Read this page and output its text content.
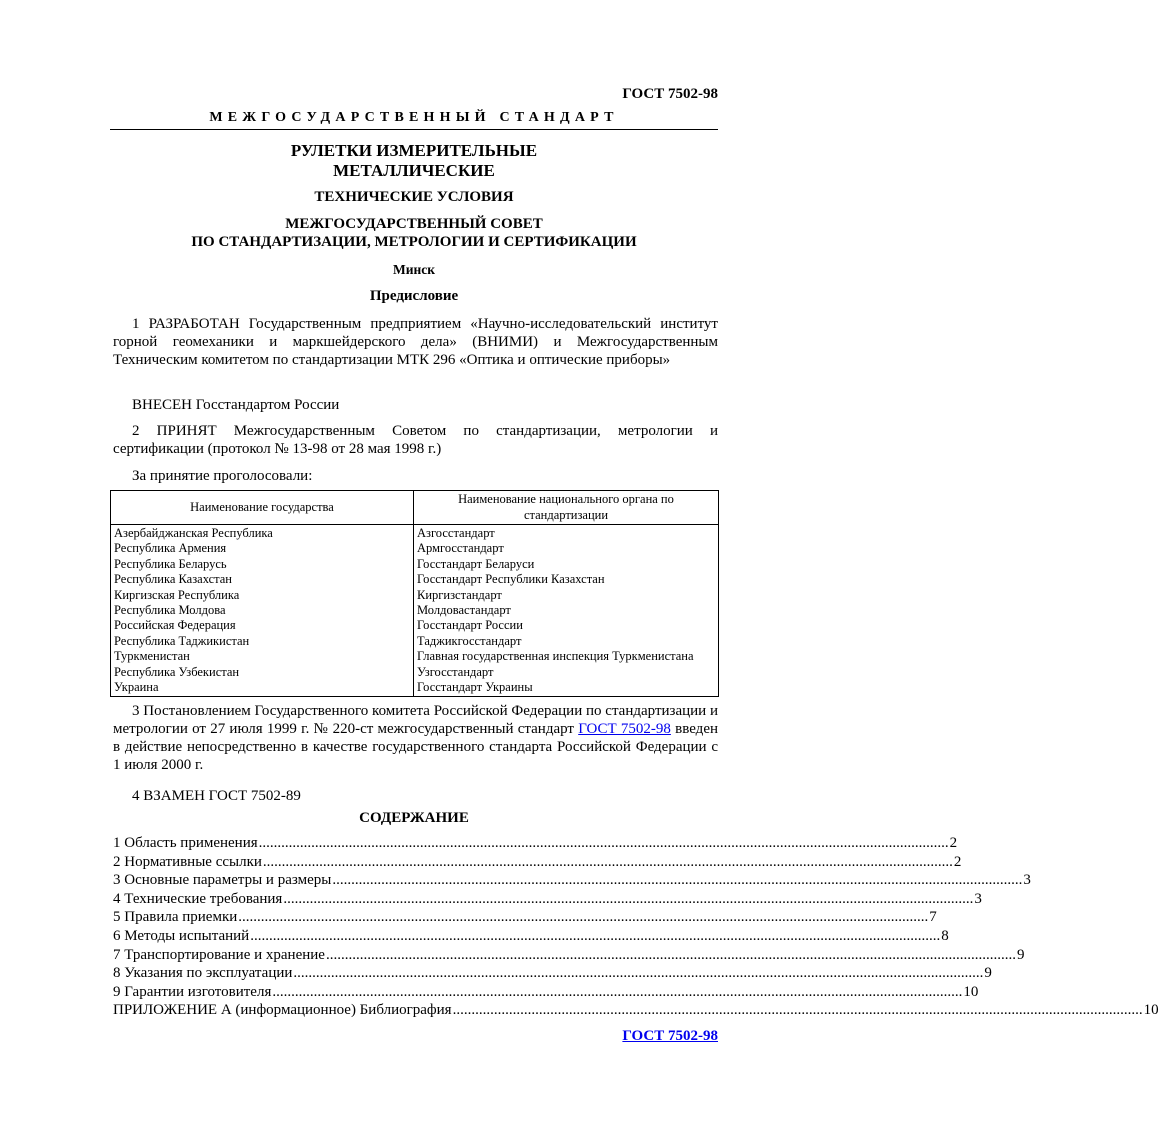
ГОСТ 7502-98
МЕЖГОСУДАРСТВЕННЫЙ СТАНДАРТ
РУЛЕТКИ ИЗМЕРИТЕЛЬНЫЕ
МЕТАЛЛИЧЕСКИЕ
ТЕХНИЧЕСКИЕ УСЛОВИЯ
МЕЖГОСУДАРСТВЕННЫЙ СОВЕТ
ПО СТАНДАРТИЗАЦИИ, МЕТРОЛОГИИ И СЕРТИФИКАЦИИ
Минск
Предисловие
1 РАЗРАБОТАН Государственным предприятием «Научно-исследовательский институт горной геомеханики и маркшейдерского дела» (ВНИМИ) и Межгосударственным Техническим комитетом по стандартизации МТК 296 «Оптика и оптические приборы»
ВНЕСЕН Госстандартом России
2 ПРИНЯТ Межгосударственным Советом по стандартизации, метрологии и сертификации (протокол № 13-98 от 28 мая 1998 г.)
За принятие проголосовали:
Наименование государства	Наименование национального органа по стандартизации
Азербайджанская Республика	Азгосстандарт
Республика Армения	Армгосстандарт
Республика Беларусь	Госстандарт Беларуси
Республика Казахстан	Госстандарт Республики Казахстан
Киргизская Республика	Киргизстандарт
Республика Молдова	Молдовастандарт
Российская Федерация	Госстандарт России
Республика Таджикистан	Таджикгосстандарт
Туркменистан	Главная государственная инспекция Туркменистана
Республика Узбекистан	Узгосстандарт
Украина	Госстандарт Украины
3 Постановлением Государственного комитета Российской Федерации по стандартизации и метрологии от 27 июля 1999 г. № 220-ст межгосударственный стандарт ГОСТ 7502-98 введен в действие непосредственно в качестве государственного стандарта Российской Федерации с 1 июля 2000 г.
4 ВЗАМЕН ГОСТ 7502-89
СОДЕРЖАНИЕ
1 Область применения ........................................................................................................................................................................................ 2
2 Нормативные ссылки ........................................................................................................................................................................................ 2
3 Основные параметры и размеры ........................................................................................................................................................................................ 3
4 Технические требования ........................................................................................................................................................................................ 3
5 Правила приемки ........................................................................................................................................................................................ 7
6 Методы испытаний ........................................................................................................................................................................................ 8
7 Транспортирование и хранение ........................................................................................................................................................................................ 9
8 Указания по эксплуатации ........................................................................................................................................................................................ 9
9 Гарантии изготовителя ........................................................................................................................................................................................ 10
ПРИЛОЖЕНИЕ А (информационное) Библиография ........................................................................................................................................................................................ 10
ГОСТ 7502-98
